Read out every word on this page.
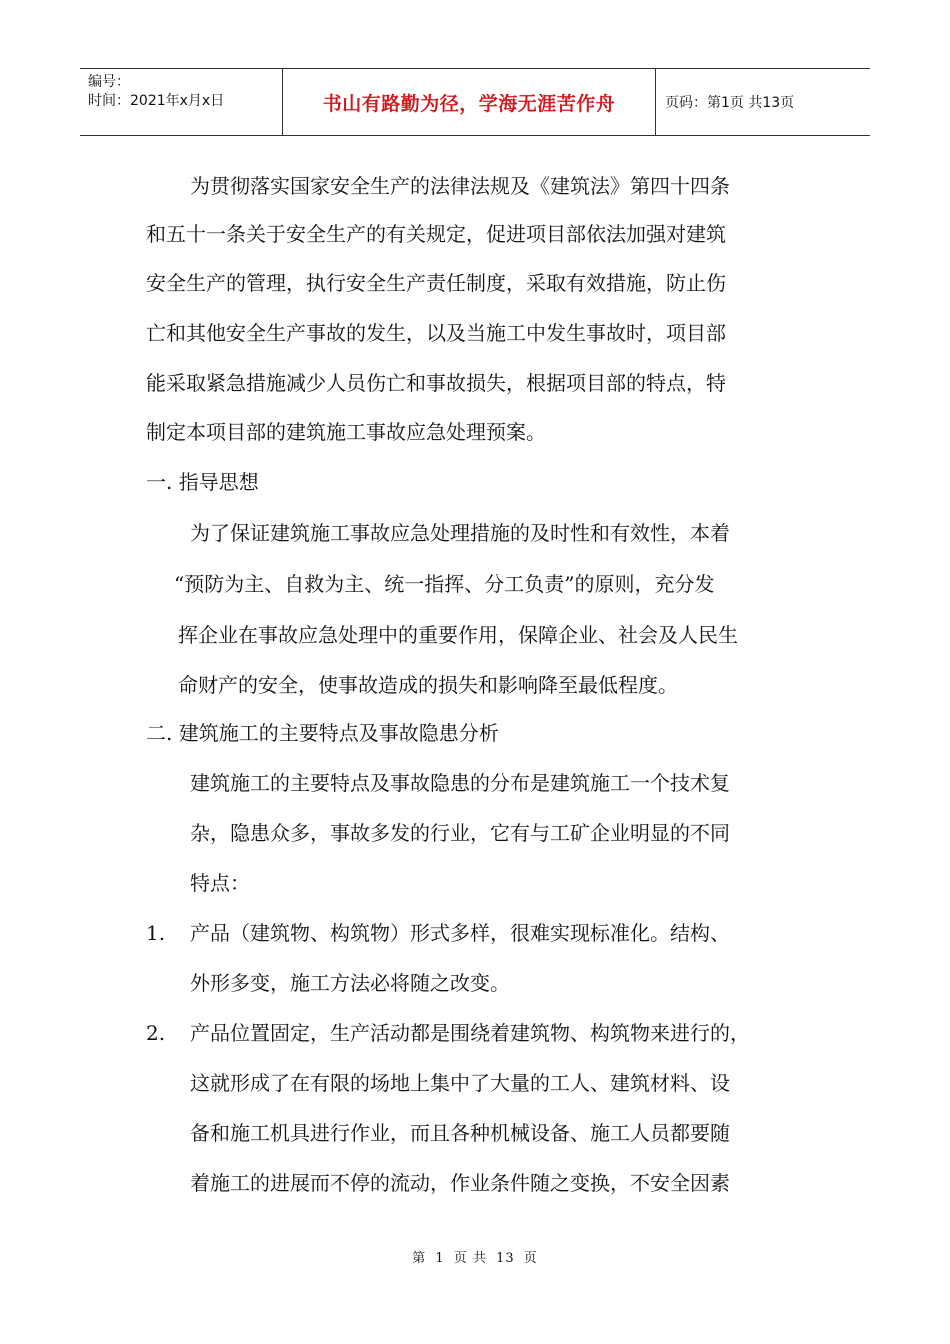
编号：
时间：2021年x月x日	书山有路勤为径，学海无涯苦作舟	页码：第1页 共13页
为贯彻落实国家安全生产的法律法规及《建筑法》第四十四条
和五十一条关于安全生产的有关规定，促进项目部依法加强对建筑
安全生产的管理，执行安全生产责任制度，采取有效措施，防止伤
亡和其他安全生产事故的发生，以及当施工中发生事故时，项目部
能采取紧急措施减少人员伤亡和事故损失，根据项目部的特点，特
制定本项目部的建筑施工事故应急处理预案。
一. 指导思想
为了保证建筑施工事故应急处理措施的及时性和有效性，本着
“预防为主、自救为主、统一指挥、分工负责”的原则，充分发
挥企业在事故应急处理中的重要作用，保障企业、社会及人民生
命财产的安全，使事故造成的损失和影响降至最低程度。
二. 建筑施工的主要特点及事故隐患分析
建筑施工的主要特点及事故隐患的分布是建筑施工一个技术复
杂，隐患众多，事故多发的行业，它有与工矿企业明显的不同
特点：
1. 产品（建筑物、构筑物）形式多样，很难实现标准化。结构、
外形多变，施工方法必将随之改变。
2. 产品位置固定，生产活动都是围绕着建筑物、构筑物来进行的，
这就形成了在有限的场地上集中了大量的工人、建筑材料、设
备和施工机具进行作业，而且各种机械设备、施工人员都要随
着施工的进展而不停的流动，作业条件随之变换，不安全因素
第 1 页 共 13 页
